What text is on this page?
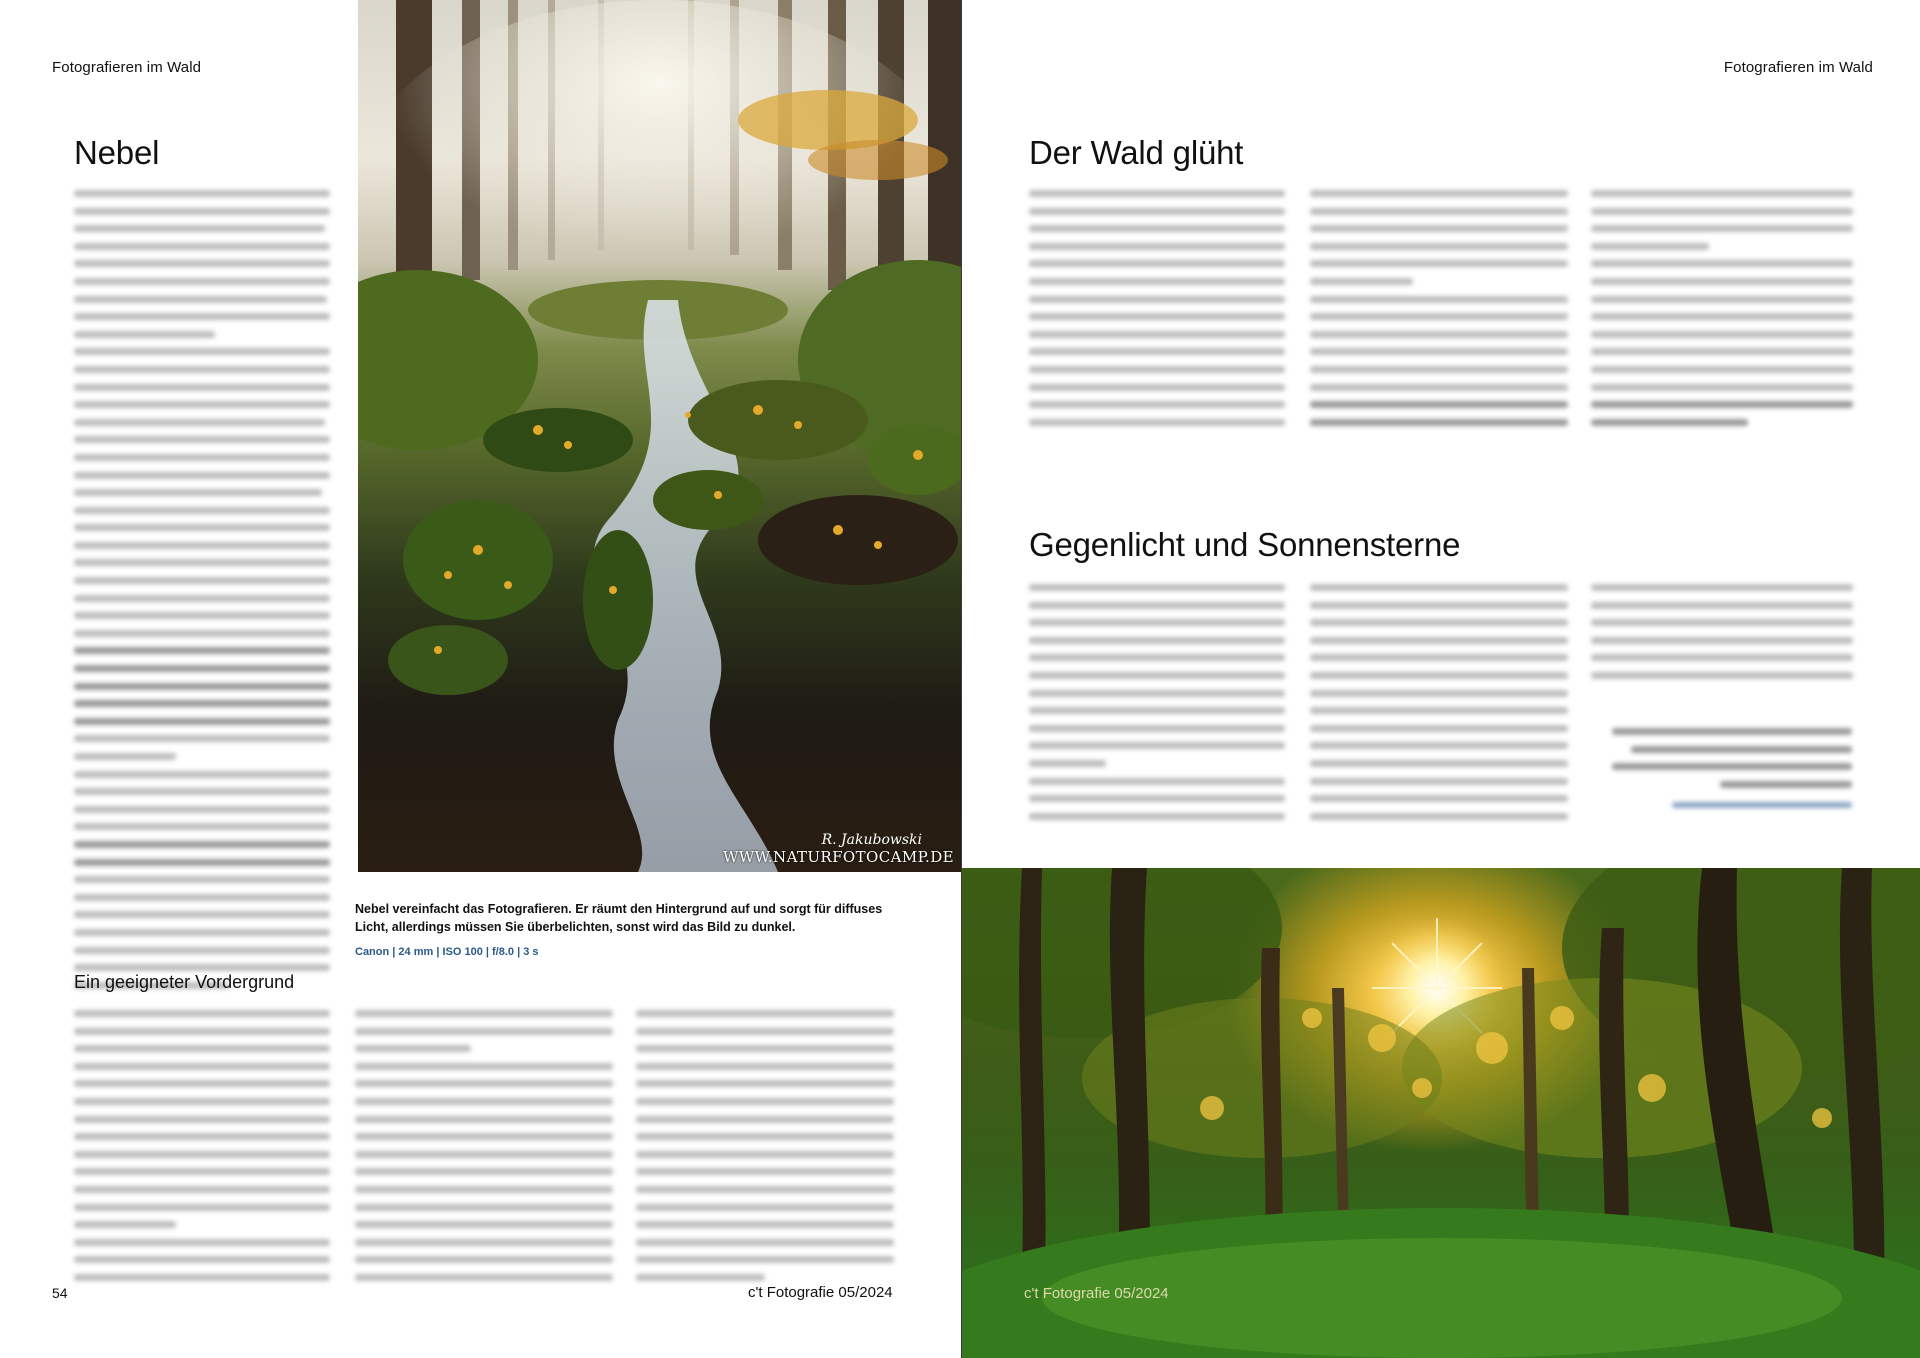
Fotografieren im Wald
Nebel
Ein geeigneter Vordergrund
R. Jakubowski
WWW.NATURFOTOCAMP.DE
Nebel vereinfacht das Fotografieren. Er räumt den Hintergrund auf und sorgt für diffuses Licht, allerdings müssen Sie überbelichten, sonst wird das Bild zu dunkel.
Canon | 24 mm | ISO 100 | f/8.0 | 3 s
54	c't Fotografie 05/2024
Fotografieren im Wald
Der Wald glüht
Gegenlicht und Sonnensterne
c't Fotografie 05/2024
